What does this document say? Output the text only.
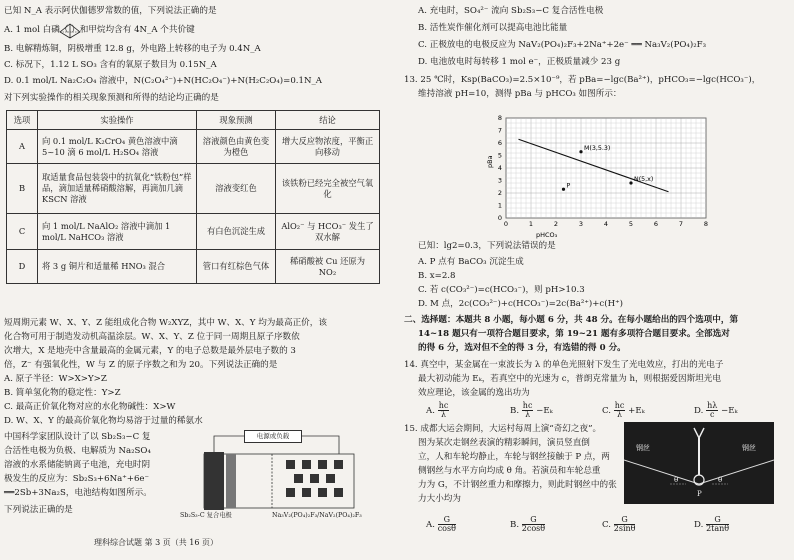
已知 N_A 表示阿伏伽德罗常数的值，下列说法正确的是
A. 1 mol 白磷（ ）和甲烷均含有 4N_A 个共价键
B. 电解精炼铜，阴极增重 12.8 g，外电路上转移的电子为 0.4N_A
C. 标况下，1.12 L SO₃ 含有的氧原子数目为 0.15N_A
D. 0.1 mol/L Na₂C₂O₄ 溶液中，N(C₂O₄²⁻)+N(HC₂O₄⁻)+N(H₂C₂O₄)=0.1N_A
对下列实验操作的相关现象预测和所得的结论均正确的是
选项	实验操作	现象预测	结论
A	向 0.1 mol/L K₂CrO₄ 黄色溶液中滴 5~10 滴 6 mol/L H₂SO₄ 溶液	溶液颜色由黄色变为橙色	增大反应物浓度，平衡正向移动
B	取适量食品包装袋中的抗氧化“铁粉包”样品，滴加适量稀硝酸溶解，再滴加几滴 KSCN 溶液	溶液变红色	该铁粉已经完全被空气氧化
C	向 1 mol/L NaAlO₂ 溶液中滴加 1 mol/L NaHCO₃ 溶液	有白色沉淀生成	AlO₂⁻ 与 HCO₃⁻ 发生了双水解
D	将 3 g 铜片和适量稀 HNO₃ 混合	管口有红棕色气体	稀硝酸被 Cu 还原为 NO₂
短周期元素 W、X、Y、Z 能组成化合物 W₂XYZ，其中 W、X、Y 均为最高正价，该
化合物可用于制造发动机高温涂层。W、X、Y、Z 位于同一周期且原子序数依
次增大，X 是地壳中含量最高的金属元素，Y 的电子总数是最外层电子数的 3
倍，Z⁻ 有强氧化性，W 与 Z 的原子序数之和为 20。下列说法正确的是
A. 原子半径：W>X>Y>Z
B. 简单氢化物的稳定性：Y>Z
C. 最高正价氧化物对应的水化物碱性：X>W
D. W、X、Y 的最高价氧化物均易溶于过量的稀氨水
中国科学家团队设计了以 Sb₂S₃−C 复
合活性电极为负极、电解质为 Na₂SO₄
溶液的水系储能钠离子电池，充电时阴
极发生的反应为：Sb₂S₃+6Na⁺+6e⁻
══2Sb+3Na₂S，电池结构如图所示。
下列说法正确的是
电源或负载
Sb₂S₃-C 复合电极	Na₃V₂(PO₄)₂F₃/NaV₂(PO₄)₂F₃
理科综合试题 第 3 页（共 16 页）
A. 充电时，SO₄²⁻ 流向 Sb₂S₃−C 复合活性电极
B. 活性炭作催化剂可以提高电池比能量
C. 正极放电的电极反应为 NaV₂(PO₄)₂F₃+2Na⁺+2e⁻ ══ Na₃V₂(PO₄)₂F₃
D. 电池放电时每转移 1 mol e⁻，正极质量减少 23 g
13. 25 ℃时，Ksp(BaCO₃)=2.5×10⁻⁹，若 pBa=−lgc(Ba²⁺)，pHCO₃=−lgc(HCO₃⁻)，
维持溶液 pH=10，测得 pBa 与 pHCO₃ 如图所示：
0	1	2	3	4	5	6	7	8
0
1
2
3
4
5
6
7
8
pHCO₃
pBa
M(3,5.3)
N(5,x)
P
已知：lg2=0.3，下列说法错误的是
A. P 点有 BaCO₃ 沉淀生成
B. x=2.8
C. 若 c(CO₃²⁻)=c(HCO₃⁻)，则 pH>10.3
D. M 点，2c(CO₃²⁻)+c(HCO₃⁻)=2c(Ba²⁺)+c(H⁺)
二、选择题：本题共 8 小题，每小题 6 分，共 48 分。在每小题给出的四个选项中，第
14~18 题只有一项符合题目要求，第 19~21 题有多项符合题目要求。全部选对
的得 6 分，选对但不全的得 3 分，有选错的得 0 分。
14. 真空中，某金属在一束波长为 λ 的单色光照射下发生了光电效应，打出的光电子
最大初动能为 Eₖ，若真空中的光速为 c，普朗克常量为 h，则根据爱因斯坦光电
效应理论，该金属的逸出功为
A. $\frac{hc}{\lambda}$	B. $\frac{hc}{\lambda} -E_k$	C. $\frac{hc}{\lambda} +E_k$	D. $\frac{h\lambda}{c} -E_k$
15. 成都大运会期间，大运村每周上演“奇幻之夜”。
图为某次走钢丝表演的精彩瞬间，演员竖直倒
立，人和车轮均静止，车轮与钢丝接触于 P 点，两
侧钢丝与水平方向均成 θ 角。若演员和车轮总重
力为 G，不计钢丝重力和摩擦力，则此时钢丝中的张
力大小均为
钢丝	钢丝
P
θ	θ
A. $\frac{G}{\cos\theta}$	B. $\frac{G}{2\cos\theta}$	C. $\frac{G}{2\sin\theta}$	D. $\frac{G}{2\tan\theta}$
